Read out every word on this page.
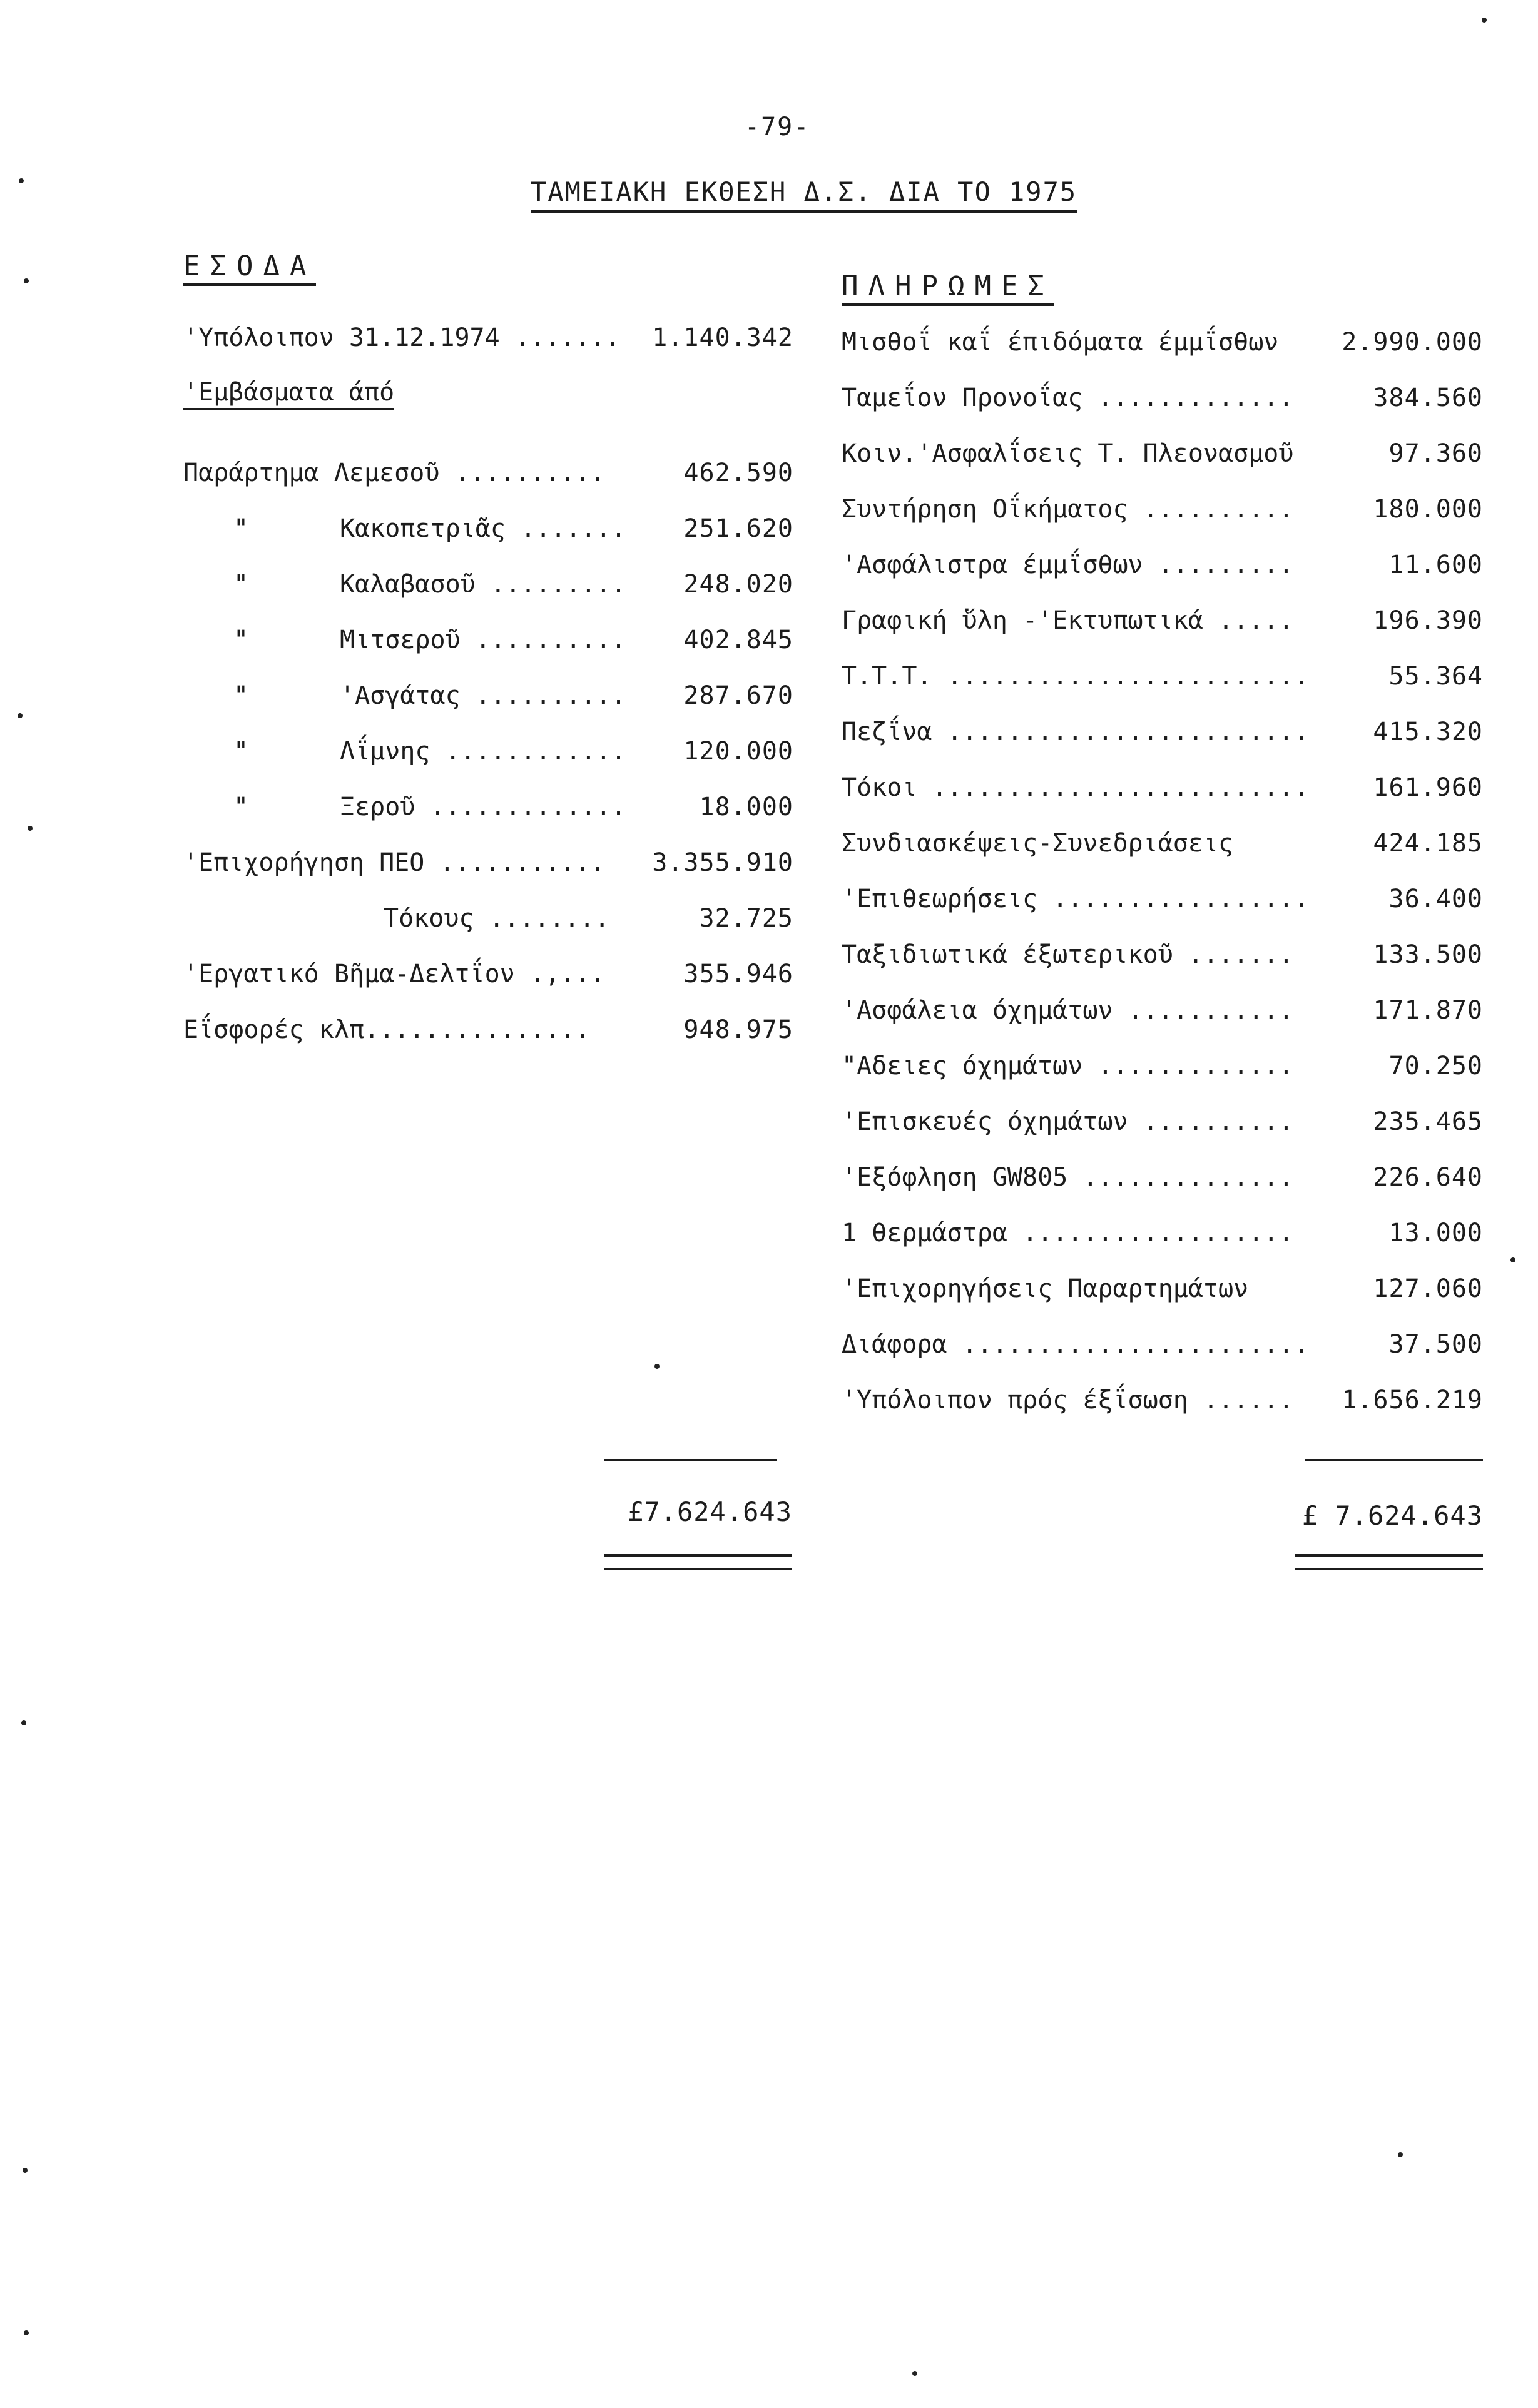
-79-
ΤΑΜΕΙΑΚΗ ΕΚΘΕΣΗ Δ.Σ. ΔΙΑ ΤΟ 1975
ΕΣΟΔΑ
'Υπόλοιπον 31.12.1974 ....... 1.140.342
'Εμβάσματα άπό
Παράρτημα Λεμεσοῦ ..........	462.590
"	Κακοπετριᾶς ....... 251.620
"	Καλαβασοῦ ......... 248.020
"	Μιτσεροῦ .......... 402.845
"	'Ασγάτας .......... 287.670
"	Λΐμνης ............ 120.000
"	Ξεροῦ .............	18.000
'Επιχορήγηση ΠΕΟ ........... 3.355.910
Τόκους ........	32.725
'Εργατικό Βῆμα-Δελτΐον .,...	355.946
Εΐσφορές κλπ...............	948.975
ΠΛΗΡΩΜΕΣ
Μισθοΐ καΐ έπιδόματα έμμΐσθων	2.990.000
Ταμεΐον Προνοΐας .............	384.560
Κοιν.'Ασφαλΐσεις Τ. Πλεονασμοῦ	97.360
Συντήρηση Οΐκήματος ..........	180.000
'Ασφάλιστρα έμμΐσθων .........	11.600
Γραφική ὕλη -'Εκτυπωτικά .....	196.390
Τ.Τ.Τ. ........................	55.364
Πεζΐνα ........................	415.320
Τόκοι .........................	161.960
Συνδιασκέψεις-Συνεδριάσεις	424.185
'Επιθεωρήσεις .................	36.400
Ταξιδιωτικά έξωτερικοῦ .......	133.500
'Ασφάλεια όχημάτων ...........	171.870
"Αδειες όχημάτων .............	70.250
'Επισκευές όχημάτων ..........	235.465
'Εξόφληση GW805 ..............	226.640
1 θερμάστρα ..................	13.000
'Επιχορηγήσεις Παραρτημάτων	127.060
Διάφορα .......................	37.500
'Υπόλοιπον πρός έξΐσωση ...... 1.656.219
£7.624.643	£ 7.624.643
